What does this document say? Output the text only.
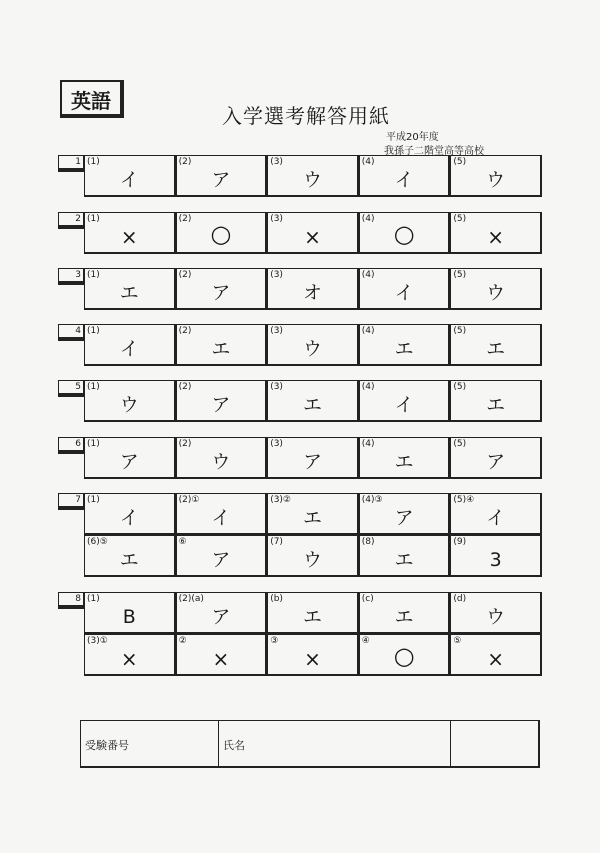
英語
入学選考解答用紙
平成20年度
我孫子二階堂高等高校
1 (1)
イ
(2)
ア
(3)
ウ
(4)
イ
(5)
ウ
2 (1)
×
(2)
○
(3)
×
(4)
○
(5)
×
3 (1)
エ
(2)
ア
(3)
オ
(4)
イ
(5)
ウ
4 (1)
イ
(2)
エ
(3)
ウ
(4)
エ
(5)
エ
5 (1)
ウ
(2)
ア
(3)
エ
(4)
イ
(5)
エ
6 (1)
ア
(2)
ウ
(3)
ア
(4)
エ
(5)
ア
7 (1)
イ
(2)①
イ
(3)②
エ
(4)③
ア
(5)④
イ
(6)⑤
エ
⑥
ア
(7)
ウ
(8)
エ
(9)
3
8 (1)
B
(2)(a)
ア
(b)
エ
(c)
エ
(d)
ウ
(3)①
×
②
×
③
×
④
○
⑤
×
受験番号	氏名
